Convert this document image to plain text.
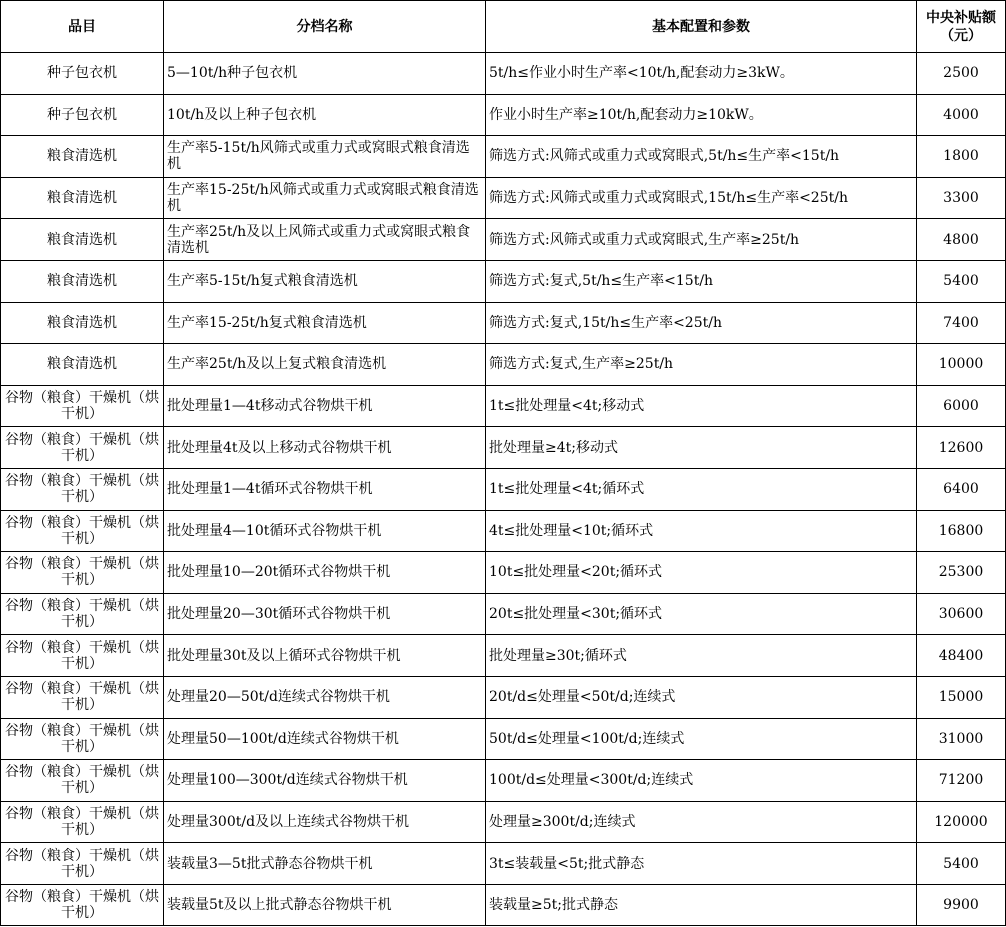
品目	分档名称	基本配置和参数	中央补贴额（元）
种子包衣机	5—10t/h种子包衣机	5t/h≤作业小时生产率<10t/h,配套动力≥3kW。	2500
种子包衣机	10t/h及以上种子包衣机	作业小时生产率≥10t/h,配套动力≥10kW。	4000
粮食清选机	生产率5-15t/h风筛式或重力式或窝眼式粮食清选机	筛选方式:风筛式或重力式或窝眼式,5t/h≤生产率<15t/h	1800
粮食清选机	生产率15-25t/h风筛式或重力式或窝眼式粮食清选机	筛选方式:风筛式或重力式或窝眼式,15t/h≤生产率<25t/h	3300
粮食清选机	生产率25t/h及以上风筛式或重力式或窝眼式粮食清选机	筛选方式:风筛式或重力式或窝眼式,生产率≥25t/h	4800
粮食清选机	生产率5-15t/h复式粮食清选机	筛选方式:复式,5t/h≤生产率<15t/h	5400
粮食清选机	生产率15-25t/h复式粮食清选机	筛选方式:复式,15t/h≤生产率<25t/h	7400
粮食清选机	生产率25t/h及以上复式粮食清选机	筛选方式:复式,生产率≥25t/h	10000
谷物（粮食）干燥机（烘干机）	批处理量1—4t移动式谷物烘干机	1t≤批处理量<4t;移动式	6000
谷物（粮食）干燥机（烘干机）	批处理量4t及以上移动式谷物烘干机	批处理量≥4t;移动式	12600
谷物（粮食）干燥机（烘干机）	批处理量1—4t循环式谷物烘干机	1t≤批处理量<4t;循环式	6400
谷物（粮食）干燥机（烘干机）	批处理量4—10t循环式谷物烘干机	4t≤批处理量<10t;循环式	16800
谷物（粮食）干燥机（烘干机）	批处理量10—20t循环式谷物烘干机	10t≤批处理量<20t;循环式	25300
谷物（粮食）干燥机（烘干机）	批处理量20—30t循环式谷物烘干机	20t≤批处理量<30t;循环式	30600
谷物（粮食）干燥机（烘干机）	批处理量30t及以上循环式谷物烘干机	批处理量≥30t;循环式	48400
谷物（粮食）干燥机（烘干机）	处理量20—50t/d连续式谷物烘干机	20t/d≤处理量<50t/d;连续式	15000
谷物（粮食）干燥机（烘干机）	处理量50—100t/d连续式谷物烘干机	50t/d≤处理量<100t/d;连续式	31000
谷物（粮食）干燥机（烘干机）	处理量100—300t/d连续式谷物烘干机	100t/d≤处理量<300t/d;连续式	71200
谷物（粮食）干燥机（烘干机）	处理量300t/d及以上连续式谷物烘干机	处理量≥300t/d;连续式	120000
谷物（粮食）干燥机（烘干机）	装载量3—5t批式静态谷物烘干机	3t≤装载量<5t;批式静态	5400
谷物（粮食）干燥机（烘干机）	装载量5t及以上批式静态谷物烘干机	装载量≥5t;批式静态	9900
